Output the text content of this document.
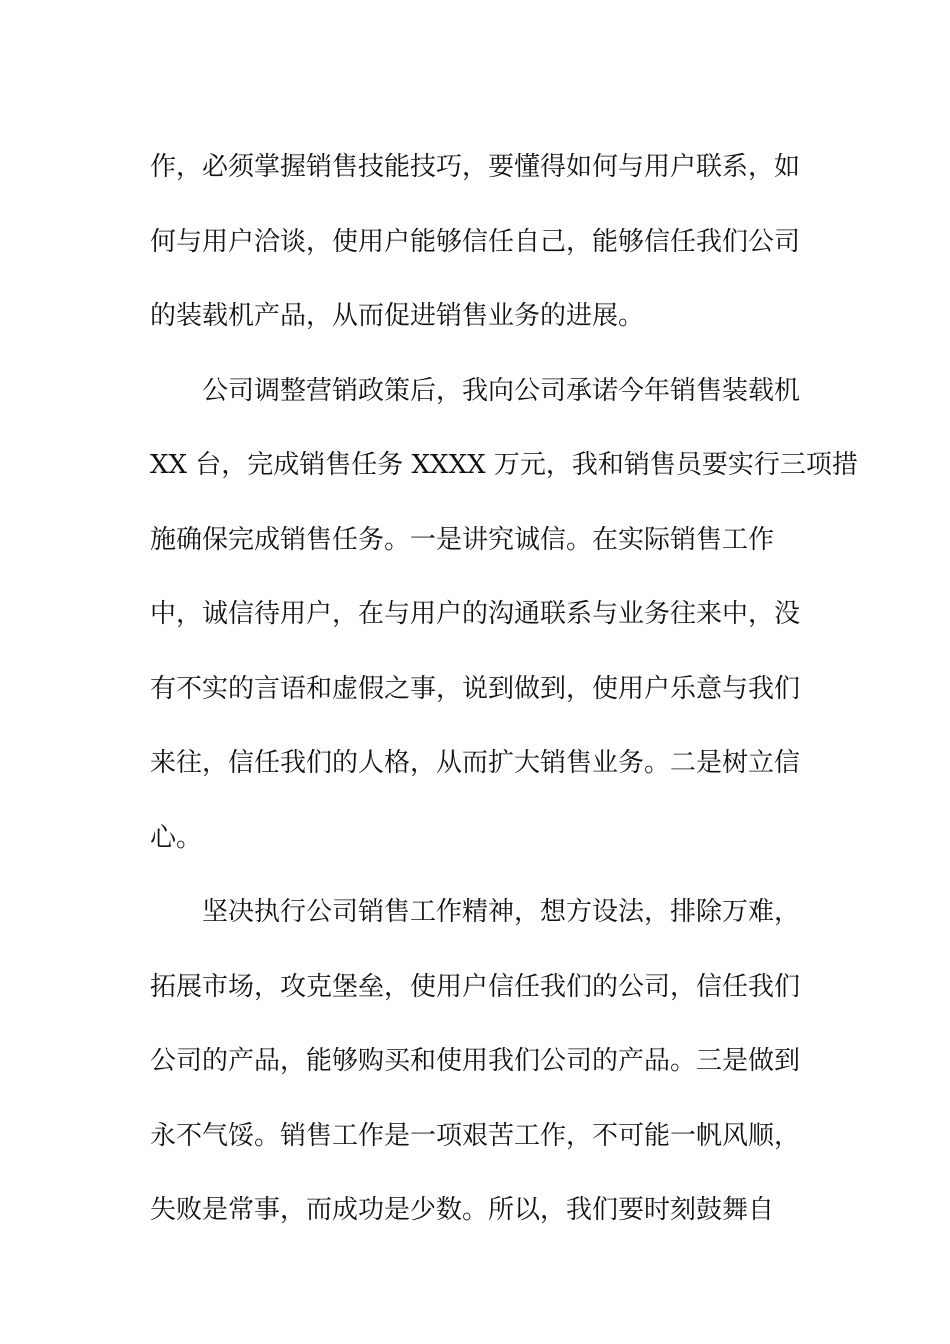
作，必须掌握销售技能技巧，要懂得如何与用户联系，如
何与用户洽谈，使用户能够信任自己，能够信任我们公司
的装载机产品，从而促进销售业务的进展。
公司调整营销政策后，我向公司承诺今年销售装载机
XX 台，完成销售任务 XXXX 万元，我和销售员要实行三项措
施确保完成销售任务。一是讲究诚信。在实际销售工作
中，诚信待用户，在与用户的沟通联系与业务往来中，没
有不实的言语和虚假之事，说到做到，使用户乐意与我们
来往，信任我们的人格，从而扩大销售业务。二是树立信
心。
坚决执行公司销售工作精神，想方设法，排除万难，
拓展市场，攻克堡垒，使用户信任我们的公司，信任我们
公司的产品，能够购买和使用我们公司的产品。三是做到
永不气馁。销售工作是一项艰苦工作，不可能一帆风顺，
失败是常事，而成功是少数。所以，我们要时刻鼓舞自
